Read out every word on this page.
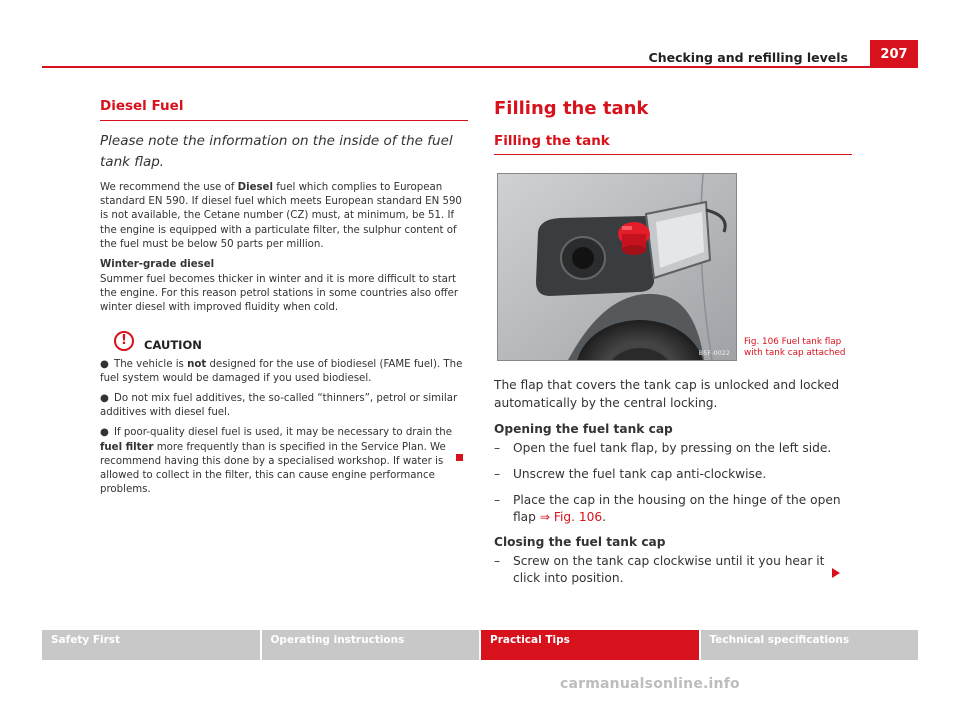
Checking and refilling levels	207
Diesel Fuel

Please note the information on the inside of the fuel tank flap.

We recommend the use of Diesel fuel which complies to European standard EN 590. If diesel fuel which meets European standard EN 590 is not available, the Cetane number (CZ) must, at minimum, be 51. If the engine is equipped with a particulate filter, the sulphur content of the fuel must be below 50 parts per million.

Winter-grade diesel

Summer fuel becomes thicker in winter and it is more difficult to start the engine. For this reason petrol stations in some countries also offer winter diesel with improved fluidity when cold.

!	CAUTION

● The vehicle is not designed for the use of biodiesel (FAME fuel). The fuel system would be damaged if you used biodiesel.

● Do not mix fuel additives, the so-called “thinners”, petrol or similar additives with diesel fuel.

● If poor-quality diesel fuel is used, it may be necessary to drain the fuel filter more frequently than is specified in the Service Plan. We recommend having this done by a specialised workshop. If water is allowed to collect in the filter, this can cause engine performance problems.

Filling the tank
Filling the tank
B5F-0022
Fig. 106 Fuel tank flap with tank cap attached

The flap that covers the tank cap is unlocked and locked automatically by the central locking.

Opening the fuel tank cap

–	Open the fuel tank flap, by pressing on the left side.
–	Unscrew the fuel tank cap anti-clockwise.
–	Place the cap in the housing on the hinge of the open flap ⇒ Fig. 106.

Closing the fuel tank cap

–	Screw on the tank cap clockwise until it you hear it click into position.
Safety First	Operating instructions	Practical Tips	Technical specifications
carmanualsonline.info
